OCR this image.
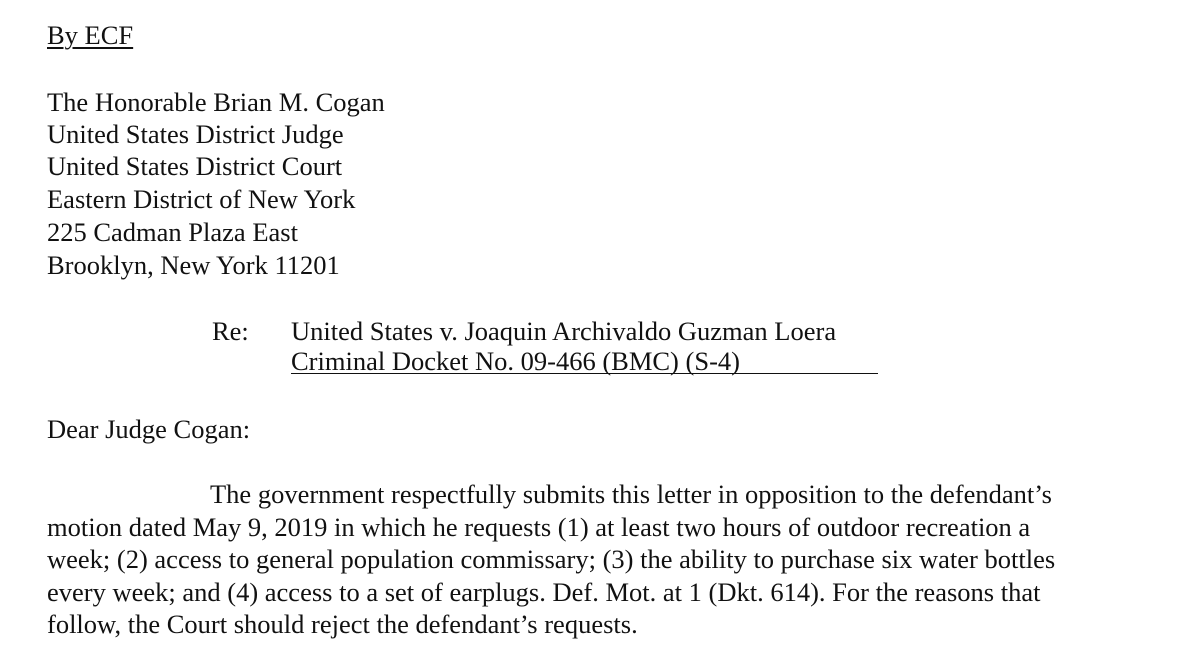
By ECF
The Honorable Brian M. Cogan
United States District Judge
United States District Court
Eastern District of New York
225 Cadman Plaza East
Brooklyn, New York 11201
Re: United States v. Joaquin Archivaldo Guzman Loera
Criminal Docket No. 09-466 (BMC) (S-4)
Dear Judge Cogan:
The government respectfully submits this letter in opposition to the defendant’s
motion dated May 9, 2019 in which he requests (1) at least two hours of outdoor recreation a
week; (2) access to general population commissary; (3) the ability to purchase six water bottles
every week; and (4) access to a set of earplugs. Def. Mot. at 1 (Dkt. 614). For the reasons that
follow, the Court should reject the defendant’s requests.
